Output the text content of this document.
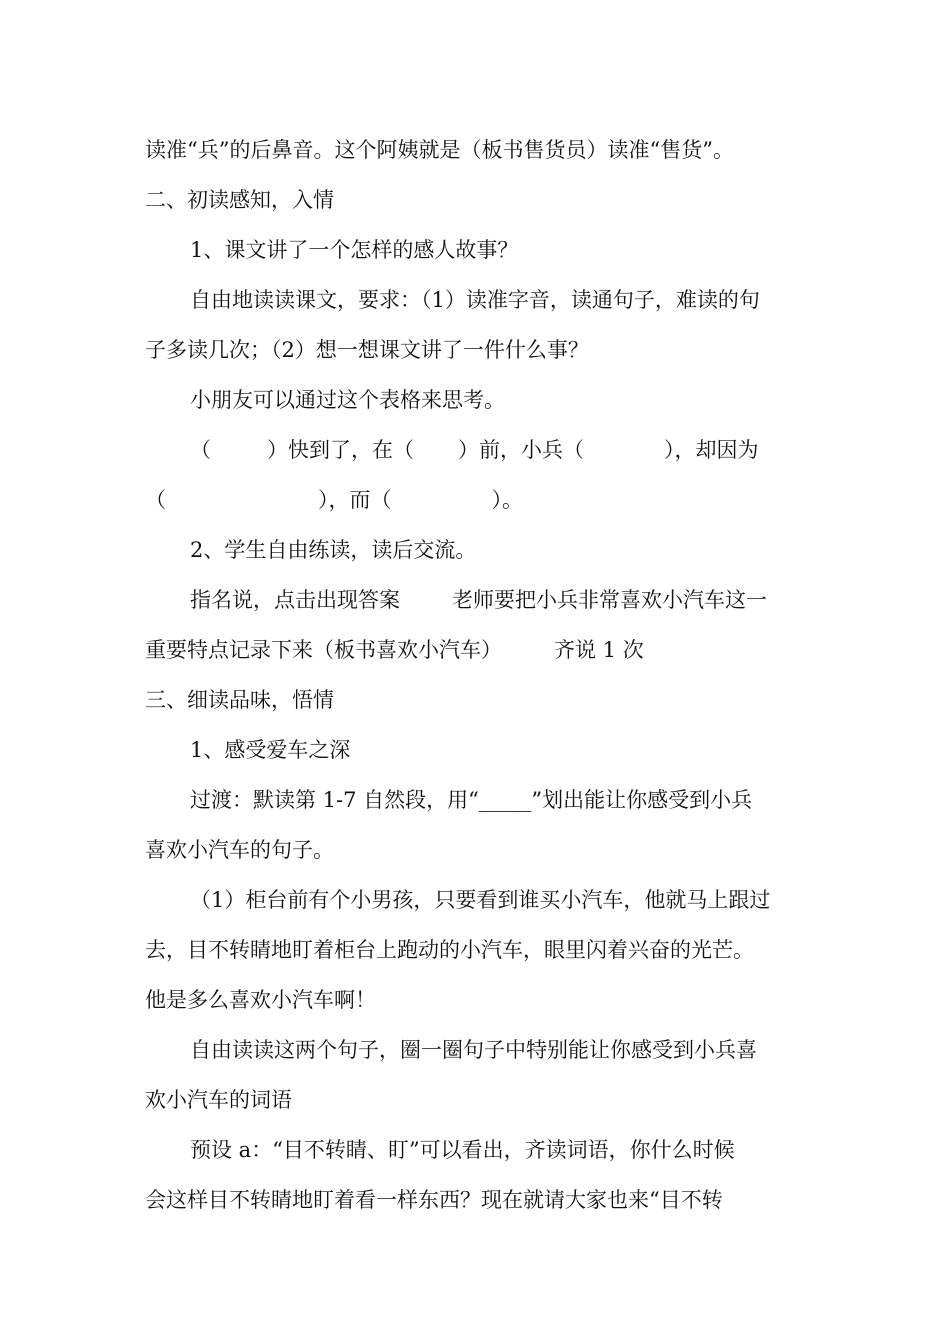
读准“兵”的后鼻音。这个阿姨就是（板书售货员）读准“售货”。
二、初读感知，入情
1、课文讲了一个怎样的感人故事？
自由地读读课文，要求：（1）读准字音，读通句子，难读的句
子多读几次；（2）想一想课文讲了一件什么事？
小朋友可以通过这个表格来思考。
（	）快到了，在（ ）前，小兵（	），却因为
（	），而（	）。
2、学生自由练读，读后交流。
指名说，点击出现答案 老师要把小兵非常喜欢小汽车这一
重要特点记录下来（板书喜欢小汽车） 齐说 1 次
三、细读品味，悟情
1、感受爱车之深
过渡：默读第 1-7 自然段，用“_____”划出能让你感受到小兵
喜欢小汽车的句子。
（1）柜台前有个小男孩，只要看到谁买小汽车，他就马上跟过
去，目不转睛地盯着柜台上跑动的小汽车，眼里闪着兴奋的光芒。
他是多么喜欢小汽车啊！
自由读读这两个句子，圈一圈句子中特别能让你感受到小兵喜
欢小汽车的词语
预设 a：“目不转睛、盯”可以看出，齐读词语，你什么时候
会这样目不转睛地盯着看一样东西？现在就请大家也来“目不转
